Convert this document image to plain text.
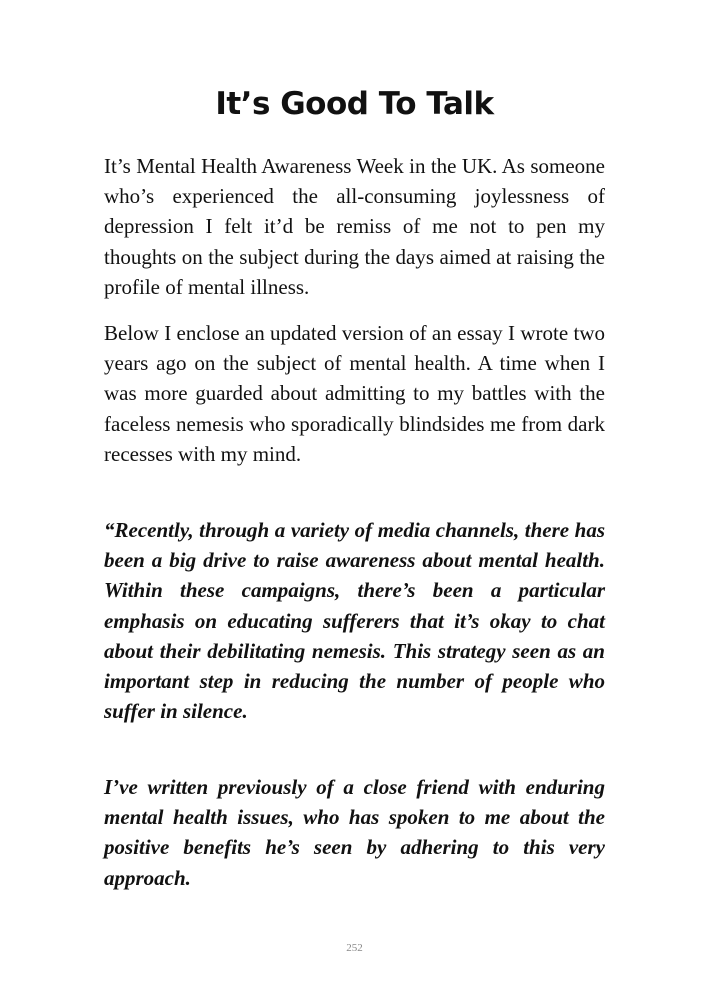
It’s Good To Talk

It’s Mental Health Awareness Week in the UK. As someone who’s experienced the all-consuming joylessness of depression I felt it’d be remiss of me not to pen my thoughts on the subject during the days aimed at raising the profile of mental illness.

Below I enclose an updated version of an essay I wrote two years ago on the subject of mental health. A time when I was more guarded about admitting to my battles with the faceless nemesis who sporadically blindsides me from dark recesses with my mind.

“Recently, through a variety of media channels, there has been a big drive to raise awareness about mental health. Within these campaigns, there’s been a particular emphasis on educating sufferers that it’s okay to chat about their debilitating nemesis. This strategy seen as an important step in reducing the number of people who suffer in silence.

I’ve written previously of a close friend with enduring mental health issues, who has spoken to me about the positive benefits he’s seen by adhering to this very approach.

252
